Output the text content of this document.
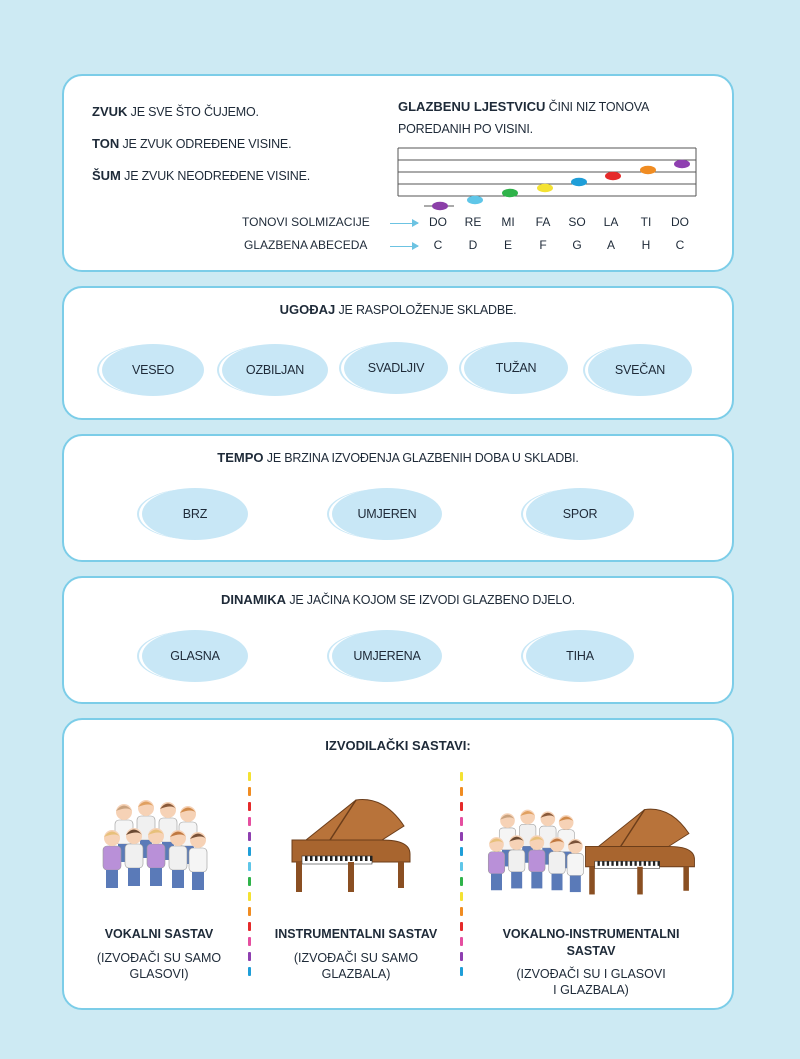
ZVUK JE SVE ŠTO ČUJEMO.
TON JE ZVUK ODREĐENE VISINE.
ŠUM JE ZVUK NEODREĐENE VISINE.
GLAZBENU LJESTVICU ČINI NIZ TONOVA POREDANIH PO VISINI.
TONOVI SOLMIZACIJE
GLAZBENA ABECEDA
DO	RE	MI	FA	SO	LA	TI	DO
C	D	E	F	G	A	H	C
UGOĐAJ JE RASPOLOŽENJE SKLADBE.
VESEO	OZBILJAN	SVADLJIV	TUŽAN	SVEČAN
TEMPO JE BRZINA IZVOĐENJA GLAZBENIH DOBA U SKLADBI.
BRZ	UMJEREN	SPOR
DINAMIKA JE JAČINA KOJOM SE IZVODI GLAZBENO DJELO.
GLASNA	UMJERENA	TIHA
IZVODILAČKI SASTAVI:
VOKALNI SASTAV
(IZVOĐAČI SU SAMO
GLASOVI)
INSTRUMENTALNI SASTAV
(IZVOĐAČI SU SAMO
GLAZBALA)
VOKALNO-INSTRUMENTALNI
SASTAV
(IZVOĐAČI SU I GLASOVI
I GLAZBALA)
